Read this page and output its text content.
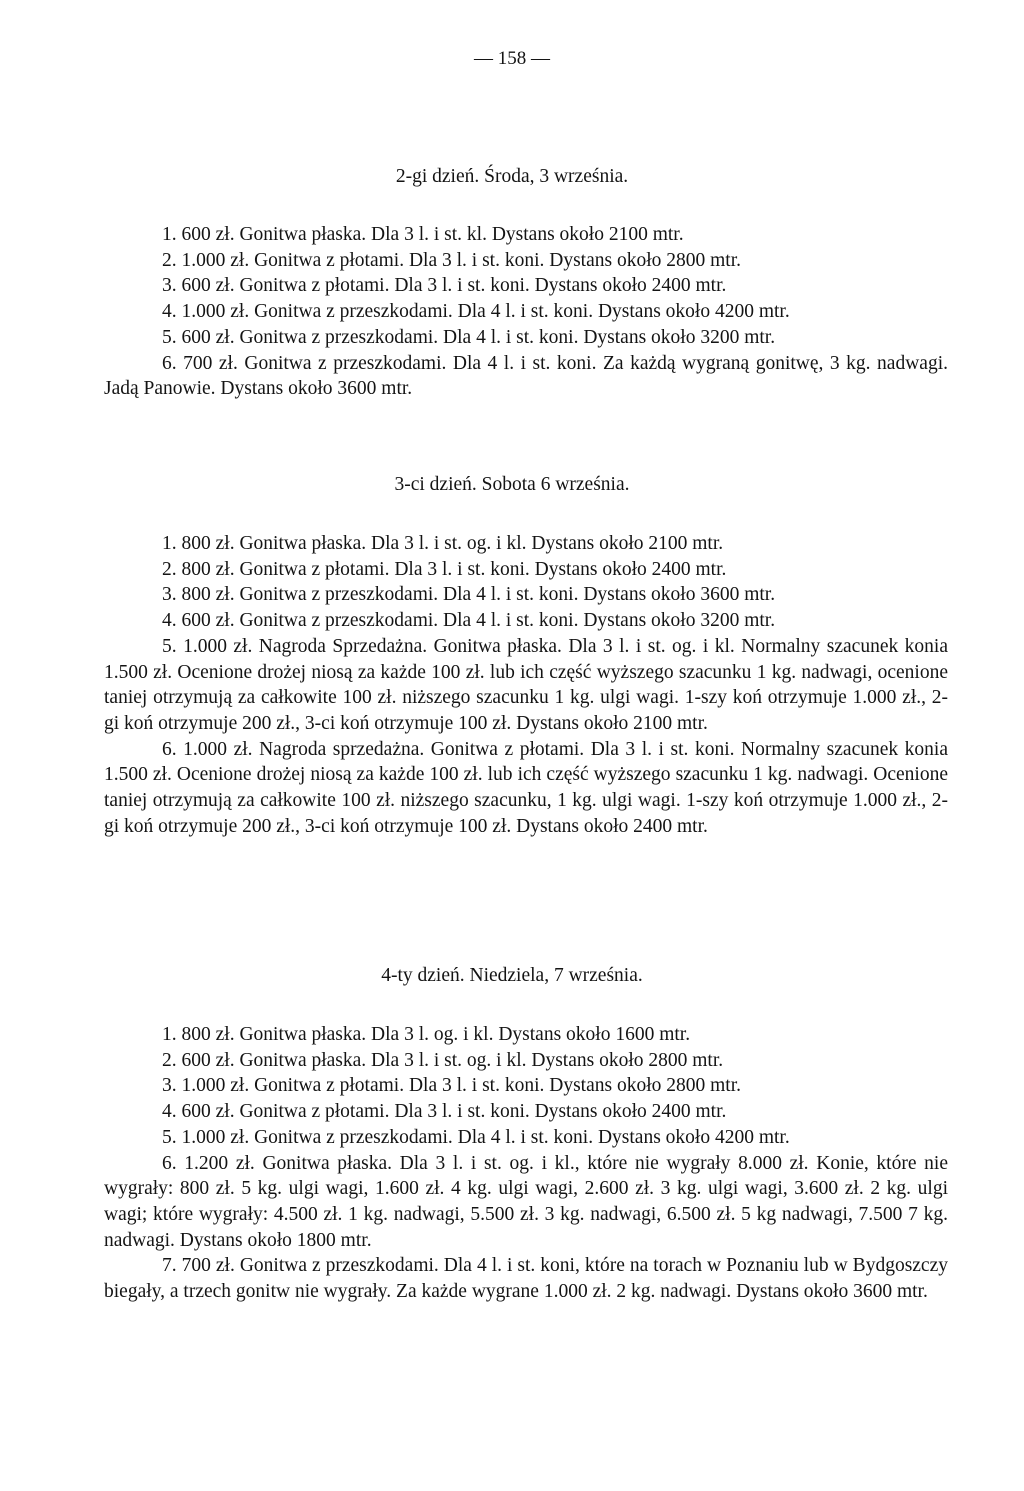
— 158 —
2-gi dzień. Środa, 3 września.

1. 600 zł. Gonitwa płaska. Dla 3 l. i st. kl. Dystans około 2100 mtr.

2. 1.000 zł. Gonitwa z płotami. Dla 3 l. i st. koni. Dystans około 2800 mtr.

3. 600 zł. Gonitwa z płotami. Dla 3 l. i st. koni. Dystans około 2400 mtr.

4. 1.000 zł. Gonitwa z przeszkodami. Dla 4 l. i st. koni. Dystans około 4200 mtr.

5. 600 zł. Gonitwa z przeszkodami. Dla 4 l. i st. koni. Dystans około 3200 mtr.

6. 700 zł. Gonitwa z przeszkodami. Dla 4 l. i st. koni. Za każdą wygraną gonitwę, 3 kg. nadwagi. Jadą Panowie. Dystans około 3600 mtr.

3-ci dzień. Sobota 6 września.

1. 800 zł. Gonitwa płaska. Dla 3 l. i st. og. i kl. Dystans około 2100 mtr.

2. 800 zł. Gonitwa z płotami. Dla 3 l. i st. koni. Dystans około 2400 mtr.

3. 800 zł. Gonitwa z przeszkodami. Dla 4 l. i st. koni. Dystans około 3600 mtr.

4. 600 zł. Gonitwa z przeszkodami. Dla 4 l. i st. koni. Dystans około 3200 mtr.

5. 1.000 zł. Nagroda Sprzedażna. Gonitwa płaska. Dla 3 l. i st. og. i kl. Normalny szacunek konia 1.500 zł. Ocenione drożej niosą za każde 100 zł. lub ich część wyższego szacunku 1 kg. nadwagi, ocenione taniej otrzymują za całkowite 100 zł. niższego szacunku 1 kg. ulgi wagi. 1-szy koń otrzymuje 1.000 zł., 2-gi koń otrzymuje 200 zł., 3-ci koń otrzymuje 100 zł. Dystans około 2100 mtr.

6. 1.000 zł. Nagroda sprzedażna. Gonitwa z płotami. Dla 3 l. i st. koni. Normalny szacunek konia 1.500 zł. Ocenione drożej niosą za każde 100 zł. lub ich część wyższego szacunku 1 kg. nadwagi. Ocenione taniej otrzymują za całkowite 100 zł. niższego szacunku, 1 kg. ulgi wagi. 1-szy koń otrzymuje 1.000 zł., 2-gi koń otrzymuje 200 zł., 3-ci koń otrzymuje 100 zł. Dystans około 2400 mtr.

4-ty dzień. Niedziela, 7 września.

1. 800 zł. Gonitwa płaska. Dla 3 l. og. i kl. Dystans około 1600 mtr.

2. 600 zł. Gonitwa płaska. Dla 3 l. i st. og. i kl. Dystans około 2800 mtr.

3. 1.000 zł. Gonitwa z płotami. Dla 3 l. i st. koni. Dystans około 2800 mtr.

4. 600 zł. Gonitwa z płotami. Dla 3 l. i st. koni. Dystans około 2400 mtr.

5. 1.000 zł. Gonitwa z przeszkodami. Dla 4 l. i st. koni. Dystans około 4200 mtr.

6. 1.200 zł. Gonitwa płaska. Dla 3 l. i st. og. i kl., które nie wygrały 8.000 zł. Konie, które nie wygrały: 800 zł. 5 kg. ulgi wagi, 1.600 zł. 4 kg. ulgi wagi, 2.600 zł. 3 kg. ulgi wagi, 3.600 zł. 2 kg. ulgi wagi; które wygrały: 4.500 zł. 1 kg. nadwagi, 5.500 zł. 3 kg. nadwagi, 6.500 zł. 5 kg nadwagi, 7.500 7 kg. nadwagi. Dystans około 1800 mtr.

7. 700 zł. Gonitwa z przeszkodami. Dla 4 l. i st. koni, które na torach w Poznaniu lub w Bydgoszczy biegały, a trzech gonitw nie wygrały. Za każde wygrane 1.000 zł. 2 kg. nadwagi. Dystans około 3600 mtr.
